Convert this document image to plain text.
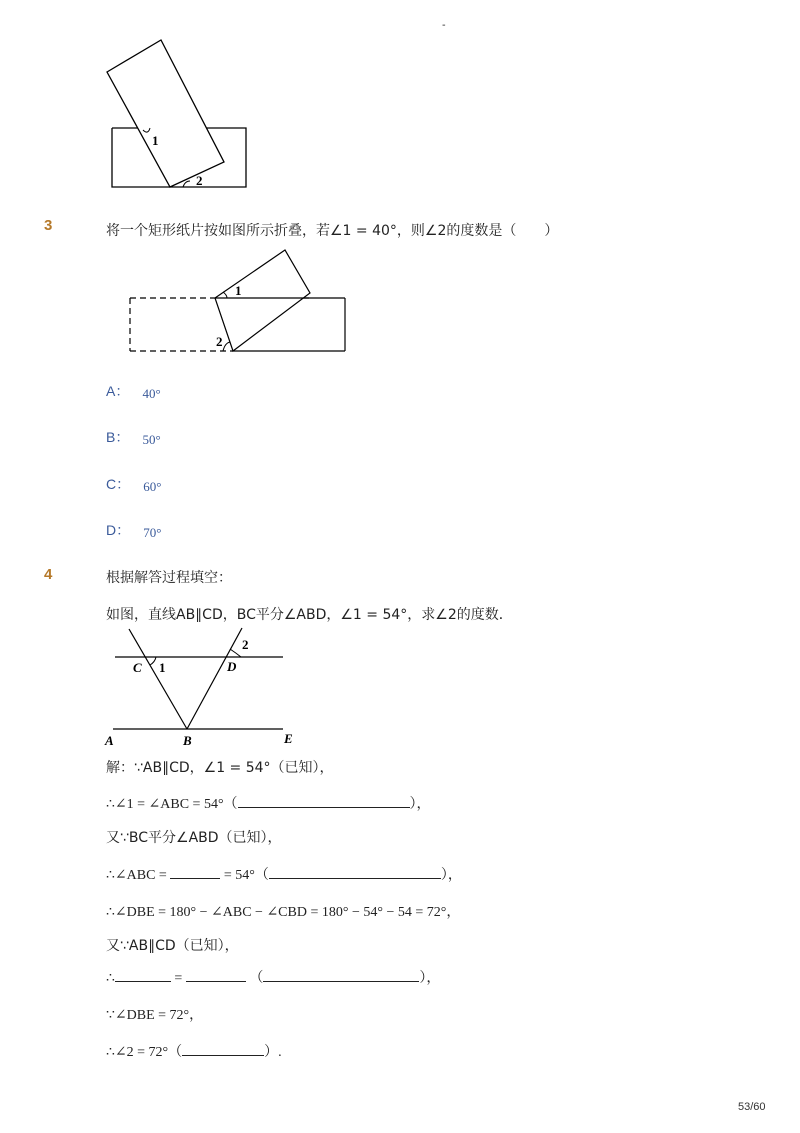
-
1
2
3	将一个矩形纸片按如图所示折叠，若∠1 = 40°，则∠2的度数是（　　）
1
2
A： 40°
B： 50°
C： 60°
D： 70°
4	根据解答过程填空：
如图，直线AB∥CD，BC平分∠ABD，∠1 = 54°，求∠2的度数．
C 1	D
2
A	B	E
解：∵AB∥CD，∠1 = 54°（已知），
∴∠1 = ∠ABC = 54°（	），
又∵BC平分∠ABD（已知），
∴∠ABC =	= 54°（	），
∴∠DBE = 180° − ∠ABC − ∠CBD = 180° − 54° − 54 = 72°，
又∵AB∥CD（已知），
∴	=	（	），
∵∠DBE = 72°，
∴∠2 = 72°（	）.
53/60
